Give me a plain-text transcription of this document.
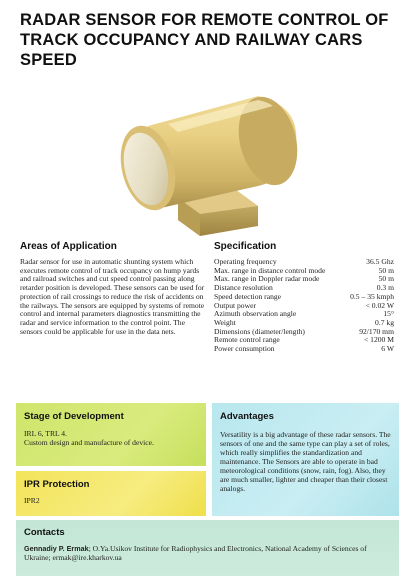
RADAR SENSOR FOR REMOTE CONTROL OF TRACK OCCUPANCY AND RAILWAY CARS SPEED
Areas of Application
Radar sensor for use in automatic shunting system which executes remote control of track occupancy on hump yards and railroad switches and cut speed control passing along retarder position is developed. These sensors can be used for protection of rail crossings to reduce the risk of accidents on the railways. The sensors are equipped by systems of remote control and internal parameters diagnostics transmitting the radar and service information to the control point. The sensors could be applicable for use in the data nets.
Specification
Operating frequency	36.5 Ghz
Max. range in distance control mode	50 m
Max. range in Doppler radar mode	50 m
Distance resolution	0.3 m
Speed detection range	0.5 – 35 kmph
Output power	< 0.02 W
Azimuth observation angle	15°
Weight	0.7 kg
Dimensions (diameter/length)	92/170 mm
Remote control range	< 1200 M
Power consumption	6 W
Stage of Development
IRL 6, TRL 4.
Custom design and manufacture of device.
IPR Protection
IPR2
Advantages
Versatility is a big advantage of these radar sensors. The sensors of one and the same type can play a set of roles, which really simplifies the standardization and maintenance. The Sensors are able to operate in bad meteorological conditions (snow, rain, fog). Also, they are much smaller, lighter and cheaper than their closest analogs.
Contacts
Gennadiy P. Ermak; O.Ya.Usikov Institute for Radiophysics and Electronics, National Academy of Sciences of Ukraine; ermak@ire.kharkov.ua
